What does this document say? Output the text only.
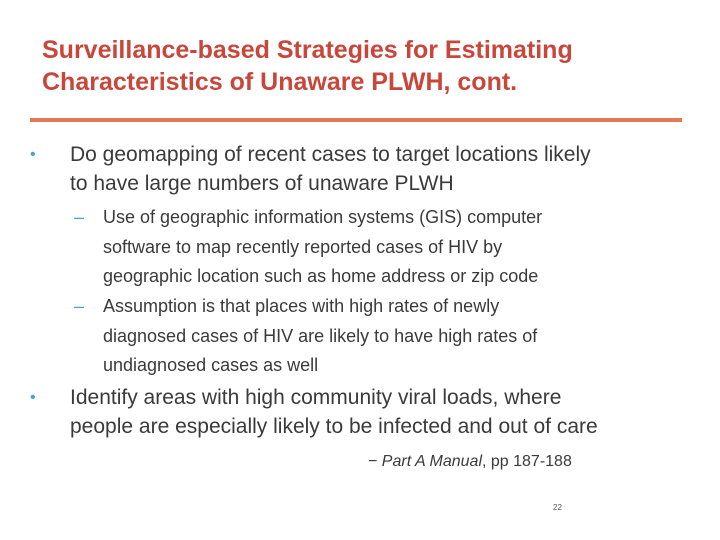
Surveillance-based Strategies for Estimating
Characteristics of Unaware PLWH, cont.
• Do geomapping of recent cases to target locations likely
to have large numbers of unaware PLWH
– Use of geographic information systems (GIS) computer
software to map recently reported cases of HIV by
geographic location such as home address or zip code
– Assumption is that places with high rates of newly
diagnosed cases of HIV are likely to have high rates of
undiagnosed cases as well
• Identify areas with high community viral loads, where
people are especially likely to be infected and out of care
− Part A Manual, pp 187-188
22
